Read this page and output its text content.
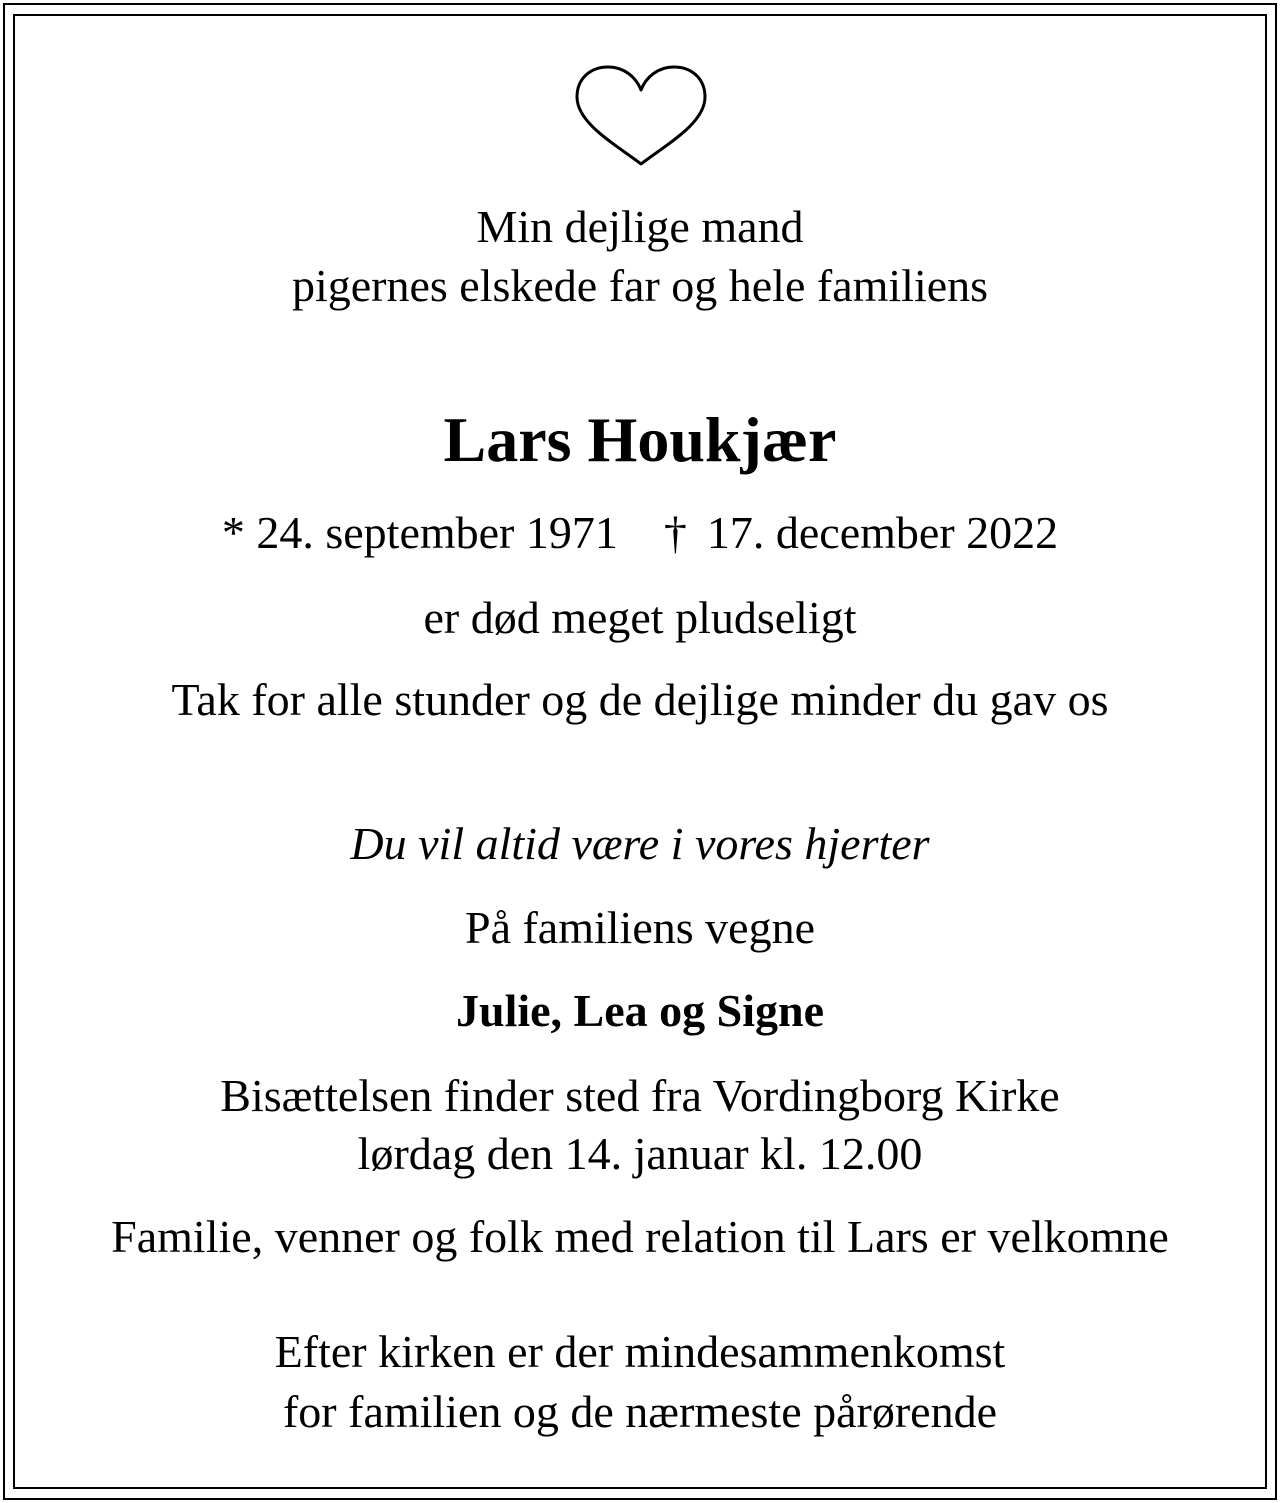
Min dejlige mand
pigernes elskede far og hele familiens
Lars Houkjær
* 24. september 1971 † 17. december 2022
er død meget pludseligt
Tak for alle stunder og de dejlige minder du gav os
Du vil altid være i vores hjerter
På familiens vegne
Julie, Lea og Signe
Bisættelsen finder sted fra Vordingborg Kirke
lørdag den 14. januar kl. 12.00
Familie, venner og folk med relation til Lars er velkomne
Efter kirken er der mindesammenkomst
for familien og de nærmeste pårørende
